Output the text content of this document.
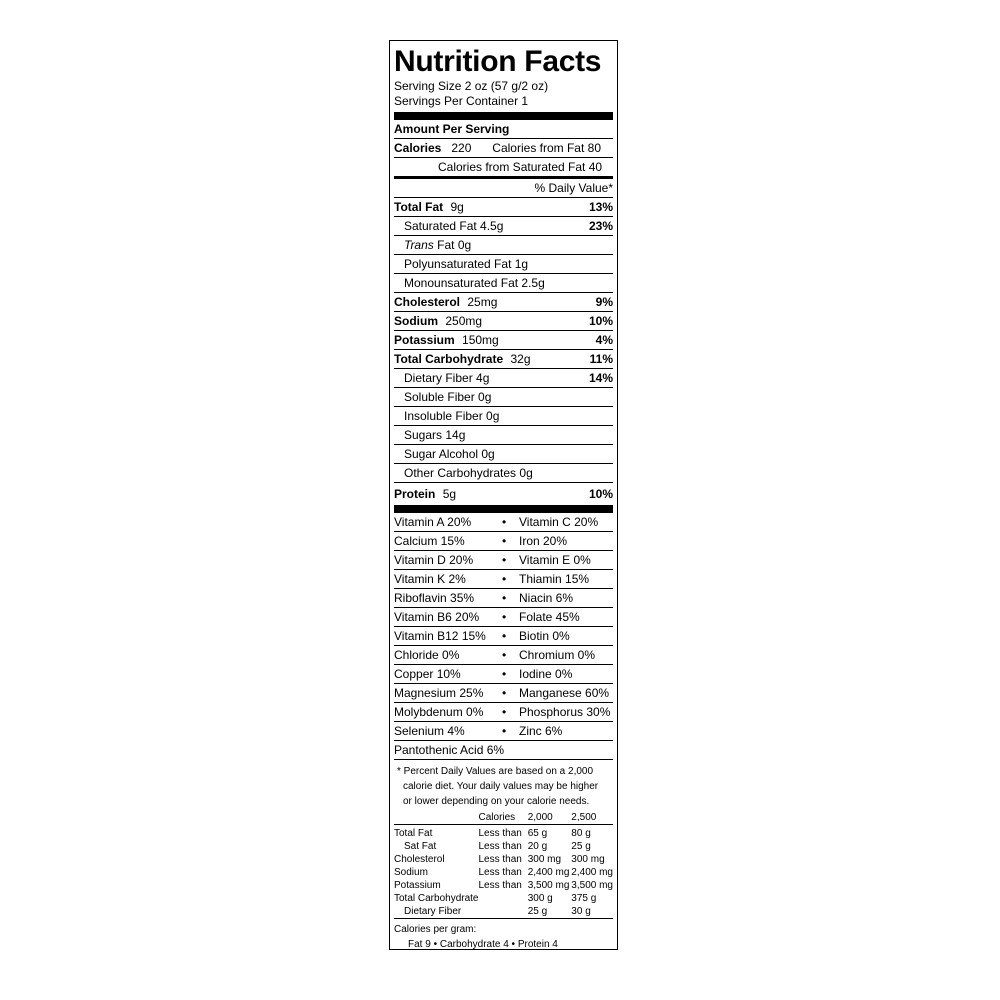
Nutrition Facts
Serving Size 2 oz (57 g/2 oz)
Servings Per Container 1
Amount Per Serving
Calories 220 Calories from Fat 80
Calories from Saturated Fat 40
% Daily Value*
Total Fat 9g	13%
Saturated Fat 4.5g	23%
Trans Fat 0g
Polyunsaturated Fat 1g
Monounsaturated Fat 2.5g
Cholesterol 25mg	9%
Sodium 250mg	10%
Potassium 150mg	4%
Total Carbohydrate 32g	11%
Dietary Fiber 4g	14%
Soluble Fiber 0g
Insoluble Fiber 0g
Sugars 14g
Sugar Alcohol 0g
Other Carbohydrates 0g
Protein 5g	10%
Vitamin A 20%	•	Vitamin C 20%
Calcium 15%	•	Iron 20%
Vitamin D 20%	•	Vitamin E 0%
Vitamin K 2%	•	Thiamin 15%
Riboflavin 35%	•	Niacin 6%
Vitamin B6 20%	•	Folate 45%
Vitamin B12 15%	•	Biotin 0%
Chloride 0%	•	Chromium 0%
Copper 10%	•	Iodine 0%
Magnesium 25%	•	Manganese 60%
Molybdenum 0%	•	Phosphorus 30%
Selenium 4%	•	Zinc 6%
Pantothenic Acid 6%
* Percent Daily Values are based on a 2,000
calorie diet. Your daily values may be higher
or lower depending on your calorie needs.
	Calories	2,000	2,500
Total Fat	Less than	65 g	80 g
Sat Fat	Less than	20 g	25 g
Cholesterol	Less than	300 mg	300 mg
Sodium	Less than	2,400 mg	2,400 mg
Potassium	Less than	3,500 mg	3,500 mg
Total Carbohydrate		300 g	375 g
Dietary Fiber		25 g	30 g
Calories per gram:
Fat 9 • Carbohydrate 4 • Protein 4
